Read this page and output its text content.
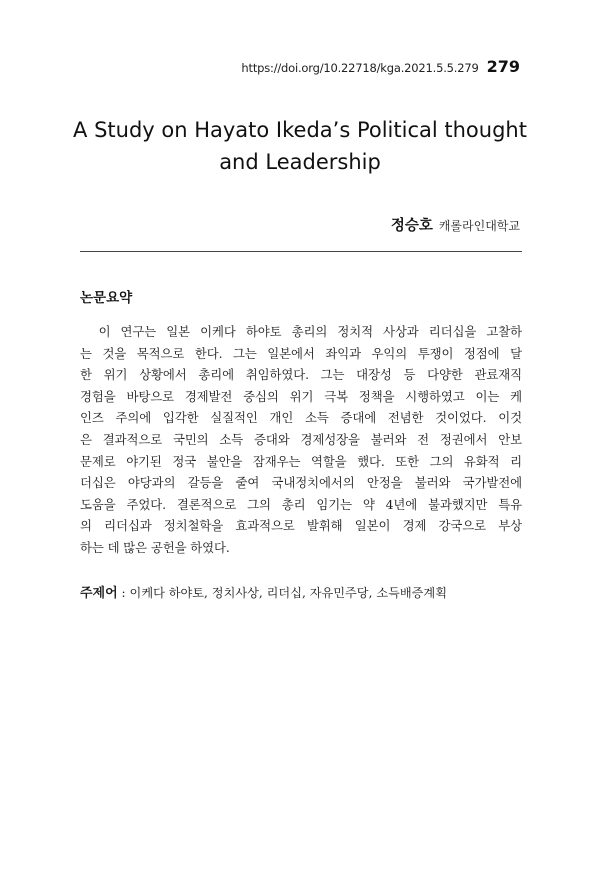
https://doi.org/10.22718/kga.2021.5.5.279 279
A Study on Hayato Ikeda’s Political thought
and Leadership
정승호 캐롤라인대학교
논문요약
　이 연구는 일본 이케다 하야토 총리의 정치적 사상과 리더십을 고찰하
는 것을 목적으로 한다. 그는 일본에서 좌익과 우익의 투쟁이 정점에 달
한 위기 상황에서 총리에 취임하였다. 그는 대장성 등 다양한 관료재직
경험을 바탕으로 경제발전 중심의 위기 극복 정책을 시행하였고 이는 케
인즈 주의에 입각한 실질적인 개인 소득 증대에 전념한 것이었다. 이것
은 결과적으로 국민의 소득 증대와 경제성장을 불러와 전 정권에서 안보
문제로 야기된 정국 불안을 잠재우는 역할을 했다. 또한 그의 유화적 리
더십은 야당과의 갈등을 줄여 국내정치에서의 안정을 불러와 국가발전에
도움을 주었다. 결론적으로 그의 총리 임기는 약 4년에 불과했지만 특유
의 리더십과 정치철학을 효과적으로 발휘해 일본이 경제 강국으로 부상
하는 데 많은 공헌을 하였다.
주제어 : 이케다 하야토, 정치사상, 리더십, 자유민주당, 소득배증계획
